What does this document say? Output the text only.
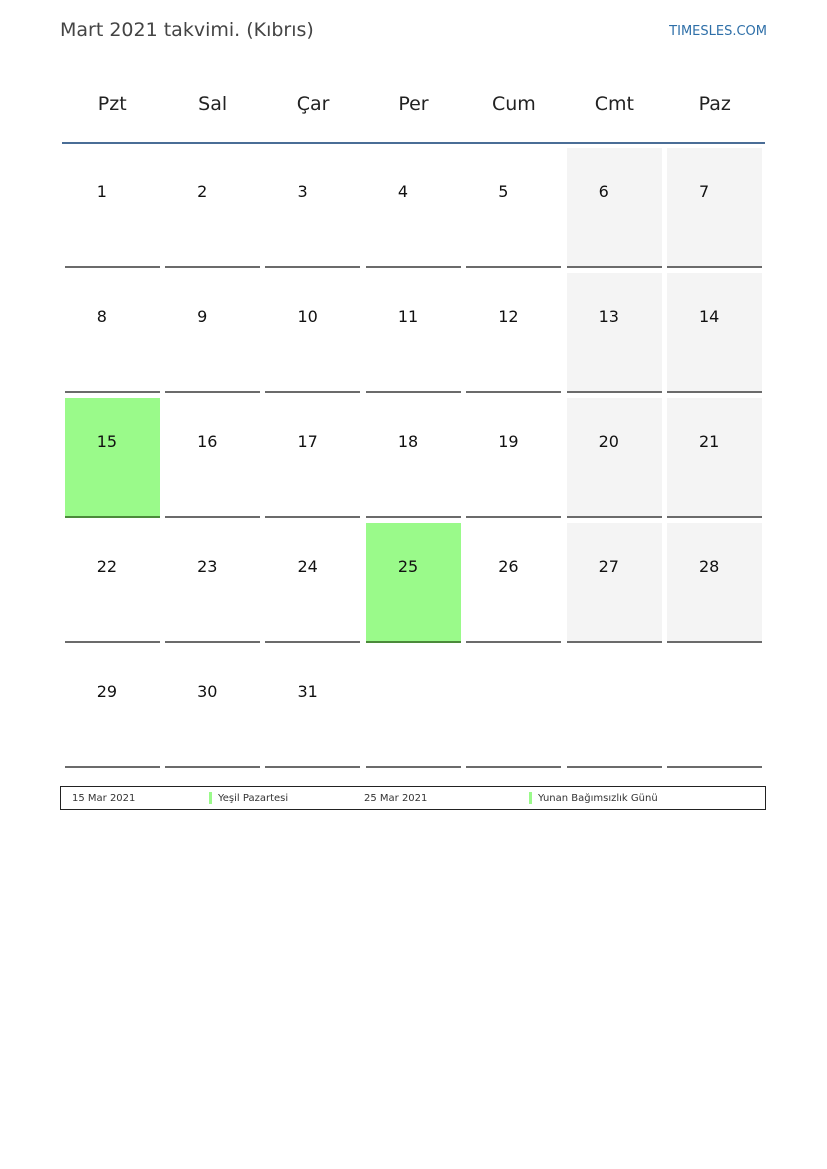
Mart 2021 takvimi. (Kıbrıs)	TIMESLES.COM
Pzt	Sal	Çar	Per	Cum	Cmt	Paz
1	2	3	4	5	6	7
8	9	10	11	12	13	14
15	16	17	18	19	20	21
22	23	24	25	26	27	28
29	30	31
15 Mar 2021	Yeşil Pazartesi	25 Mar 2021	Yunan Bağımsızlık Günü
